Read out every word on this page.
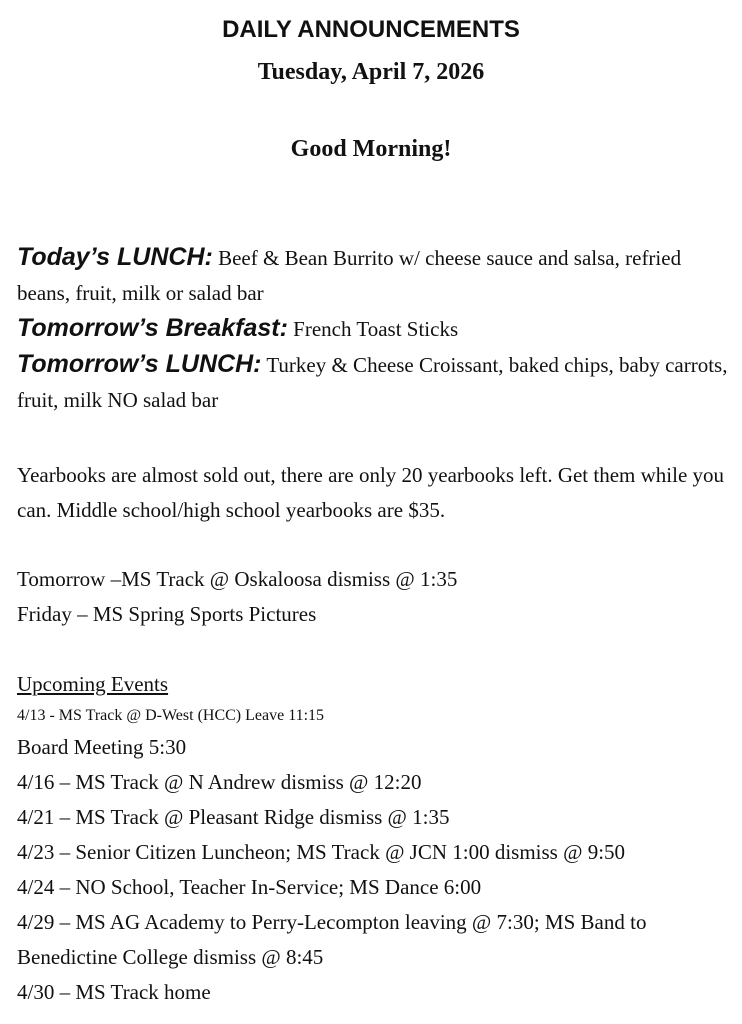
DAILY ANNOUNCEMENTS
Tuesday, April 7, 2026
Good Morning!

Today’s LUNCH: Beef & Bean Burrito w/ cheese sauce and salsa, refried beans, fruit, milk or salad bar

Tomorrow’s Breakfast: French Toast Sticks

Tomorrow’s LUNCH: Turkey & Cheese Croissant, baked chips, baby carrots, fruit, milk NO salad bar

Yearbooks are almost sold out, there are only 20 yearbooks left. Get them while you can. Middle school/high school yearbooks are $35.

Tomorrow –MS Track @ Oskaloosa dismiss @ 1:35

Friday – MS Spring Sports Pictures

Upcoming Events

4/13 - MS Track @ D-West (HCC) Leave 11:15

Board Meeting 5:30

4/16 – MS Track @ N Andrew dismiss @ 12:20

4/21 – MS Track @ Pleasant Ridge dismiss @ 1:35

4/23 – Senior Citizen Luncheon; MS Track @ JCN 1:00 dismiss @ 9:50

4/24 – NO School, Teacher In-Service; MS Dance 6:00

4/29 – MS AG Academy to Perry-Lecompton leaving @ 7:30; MS Band to Benedictine College dismiss @ 8:45

4/30 – MS Track home
